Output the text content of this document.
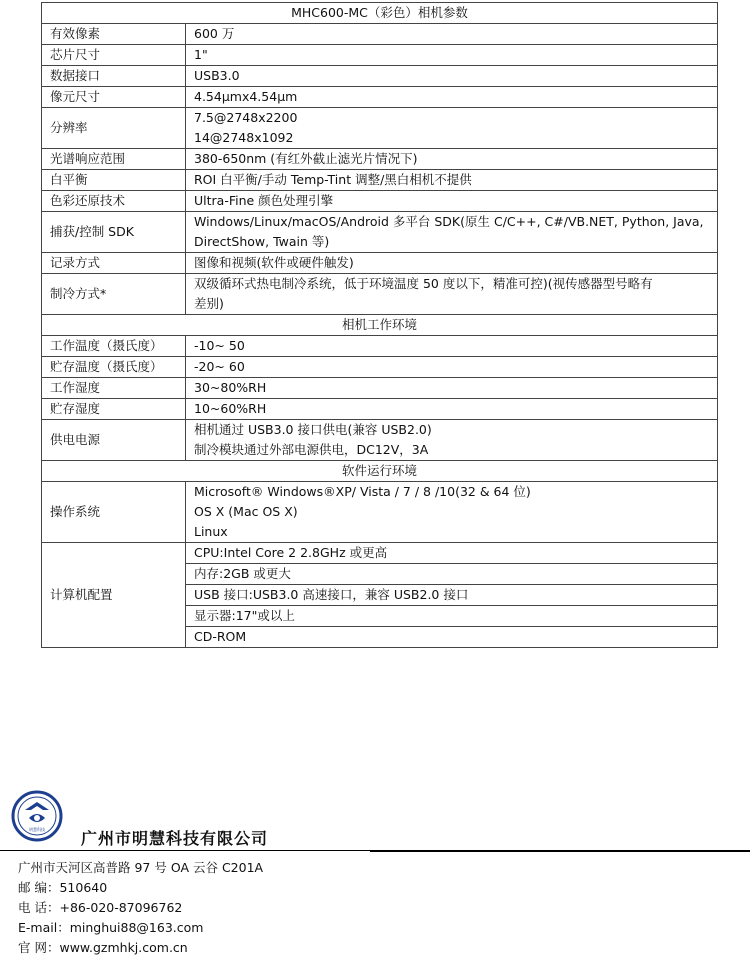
MHC600-MC（彩色）相机参数	
有效像素	600 万

芯片尺寸	1"

数据接口	USB3.0

像元尺寸	4.54μmx4.54μm

分辨率	7.5@2748x2200
14@2748x1092

光谱响应范围	380-650nm (有红外截止滤光片情况下)

白平衡	ROI 白平衡/手动 Temp-Tint 调整/黑白相机不提供

色彩还原技术	Ultra-Fine 颜色处理引擎

捕获/控制 SDK	Windows/Linux/macOS/Android 多平台 SDK(原生 C/C++, C#/VB.NET, Python, Java,
DirectShow, Twain 等)

记录方式	图像和视频(软件或硬件触发)

制冷方式*	双级循环式热电制冷系统，低于环境温度 50 度以下，精准可控)(视传感器型号略有
差别)

相机工作环境	
工作温度（摄氏度）	-10~ 50

贮存温度（摄氏度）	-20~ 60

工作湿度	30~80%RH

贮存湿度	10~60%RH

供电电源	相机通过 USB3.0 接口供电(兼容 USB2.0)
制冷模块通过外部电源供电，DC12V，3A

软件运行环境	
操作系统	Microsoft® Windows®XP/ Vista / 7 / 8 /10(32 & 64 位)
OS X (Mac OS X)
Linux

计算机配置	CPU:Intel Core 2 2.8GHz 或更高
	内存:2GB 或更大
	USB 接口:USB3.0 高速接口，兼容 USB2.0 接口
	显示器:17"或以上
	CD-ROM
明慧科技 广州市明慧科技有限公司
广州市天河区高普路 97 号 OA 云谷 C201A
邮 编：510640
电 话：+86-020-87096762
E-mail：minghui88@163.com
官 网：www.gzmhkj.com.cn
